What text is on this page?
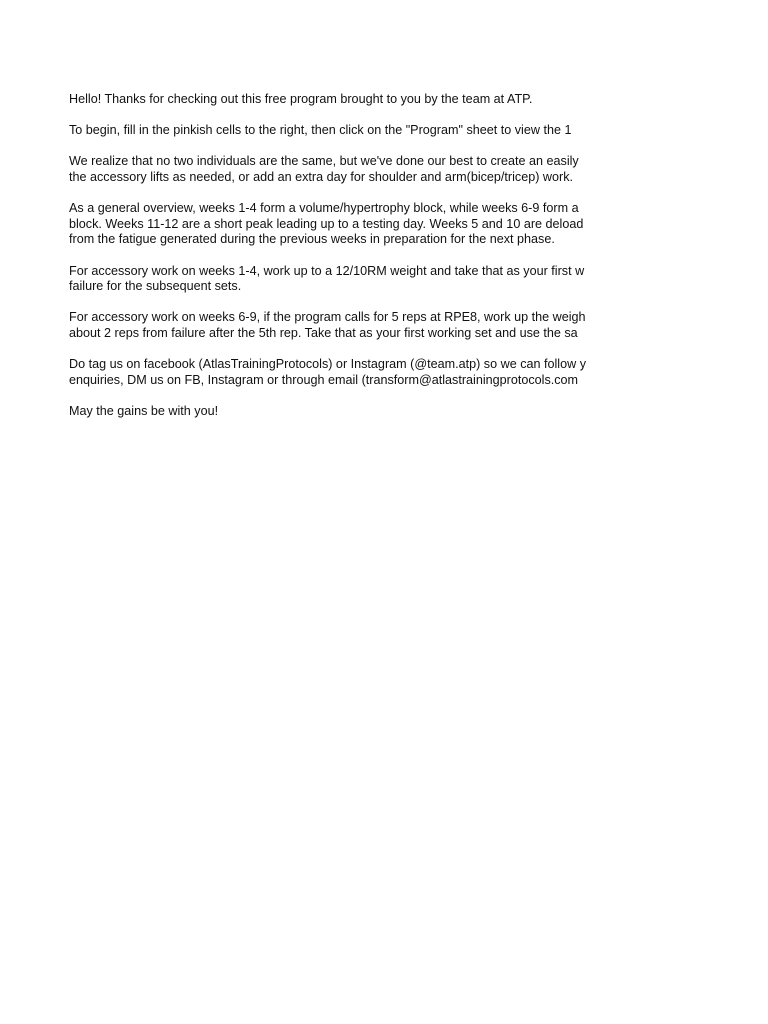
Hello! Thanks for checking out this free program brought to you by the team at ATP.

To begin, fill in the pinkish cells to the right, then click on the "Program" sheet to view the 1

We realize that no two individuals are the same, but we've done our best to create an easily
the accessory lifts as needed, or add an extra day for shoulder and arm(bicep/tricep) work.

As a general overview, weeks 1-4 form a volume/hypertrophy block, while weeks 6-9 form a
block. Weeks 11-12 are a short peak leading up to a testing day. Weeks 5 and 10 are deload
from the fatigue generated during the previous weeks in preparation for the next phase.

For accessory work on weeks 1-4, work up to a 12/10RM weight and take that as your first w
failure for the subsequent sets.

For accessory work on weeks 6-9, if the program calls for 5 reps at RPE8, work up the weigh
about 2 reps from failure after the 5th rep. Take that as your first working set and use the sa

Do tag us on facebook (AtlasTrainingProtocols) or Instagram (@team.atp) so we can follow y
enquiries, DM us on FB, Instagram or through email (transform@atlastrainingprotocols.com

May the gains be with you!
